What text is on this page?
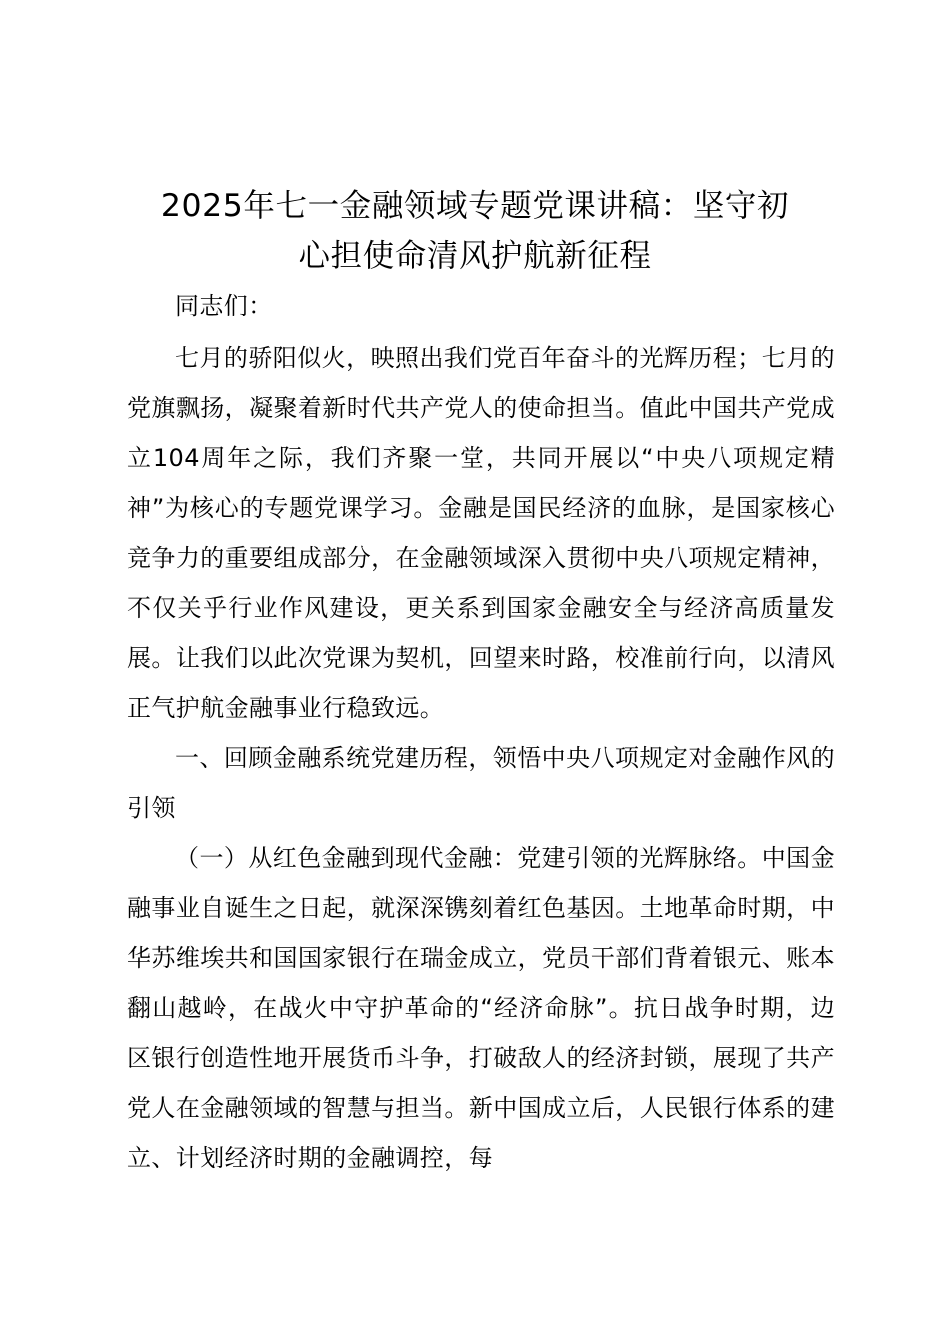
2025年七一金融领域专题党课讲稿：坚守初
心担使命清风护航新征程

同志们：

七月的骄阳似火，映照出我们党百年奋斗的光辉历程；七月的党旗飘扬，凝聚着新时代共产党人的使命担当。值此中国共产党成立104周年之际，我们齐聚一堂，共同开展以“中央八项规定精神”为核心的专题党课学习。金融是国民经济的血脉，是国家核心竞争力的重要组成部分，在金融领域深入贯彻中央八项规定精神，不仅关乎行业作风建设，更关系到国家金融安全与经济高质量发展。让我们以此次党课为契机，回望来时路，校准前行向，以清风正气护航金融事业行稳致远。

一、回顾金融系统党建历程，领悟中央八项规定对金融作风的引领

（一）从红色金融到现代金融：党建引领的光辉脉络。中国金融事业自诞生之日起，就深深镌刻着红色基因。土地革命时期，中华苏维埃共和国国家银行在瑞金成立，党员干部们背着银元、账本翻山越岭，在战火中守护革命的“经济命脉”。抗日战争时期，边区银行创造性地开展货币斗争，打破敌人的经济封锁，展现了共产党人在金融领域的智慧与担当。新中国成立后，人民银行体系的建立、计划经济时期的金融调控，每
